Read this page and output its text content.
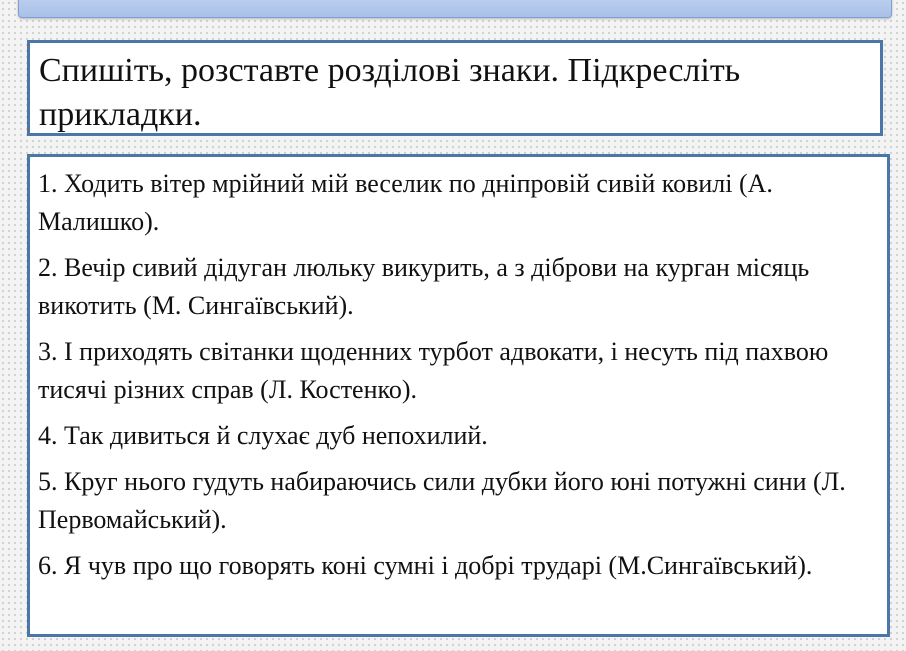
Спишіть, розставте розділові знаки. Підкресліть прикладки.
1. Ходить вітер мрійний мій веселик по дніпровій сивій ковилі (А. Малишко).
2. Вечір сивий дідуган люльку викурить, а з діброви на курган місяць викотить (М. Сингаївський).
3. І приходять світанки щоденних турбот адвокати, і несуть під пахвою тисячі різних справ (Л. Костенко).
4. Так дивиться й слухає дуб непохилий.
5. Круг нього гудуть набираючись сили дубки його юні потужні сини (Л. Первомайський).
6. Я чув про що говорять коні сумні і добрі трударі (М.Сингаївський).
